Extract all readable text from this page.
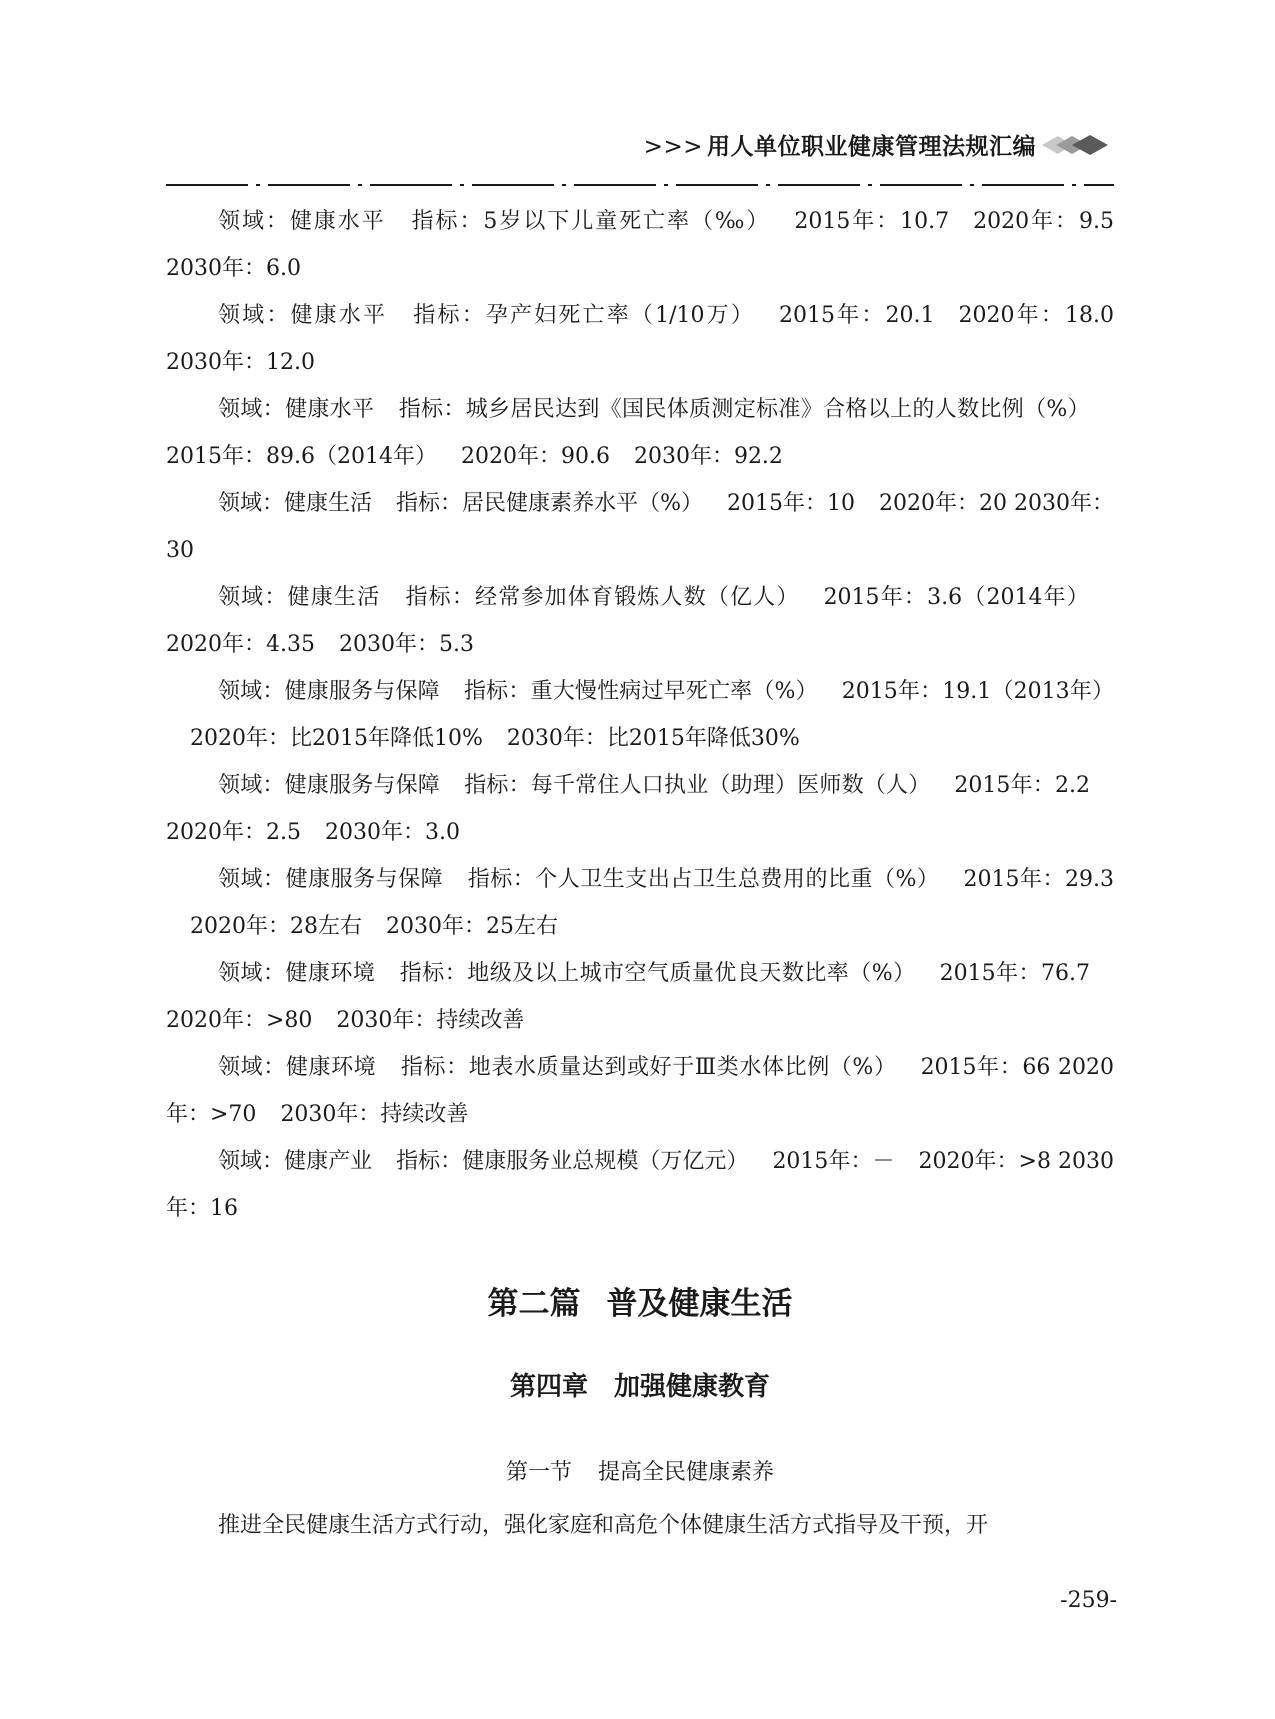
>>> 用人单位职业健康管理法规汇编

领域：健康水平 指标：5岁以下儿童死亡率（‰） 2015年：10.7 2020年：9.5 2030年：6.0

领域：健康水平 指标：孕产妇死亡率（1/10万） 2015年：20.1 2020年：18.0 2030年：12.0

领域：健康水平 指标：城乡居民达到《国民体质测定标准》合格以上的人数比例（%）2015年：89.6（2014年） 2020年：90.6 2030年：92.2

领域：健康生活 指标：居民健康素养水平（%） 2015年：10 2020年：20 2030年：30

领域：健康生活 指标：经常参加体育锻炼人数（亿人） 2015年：3.6（2014年）2020年：4.35 2030年：5.3

领域：健康服务与保障 指标：重大慢性病过早死亡率（%） 2015年：19.1（2013年）2020年：比2015年降低10% 2030年：比2015年降低30%

领域：健康服务与保障 指标：每千常住人口执业（助理）医师数（人） 2015年：2.22020年：2.5 2030年：3.0

领域：健康服务与保障 指标：个人卫生支出占卫生总费用的比重（%） 2015年：29.32020年：28左右 2030年：25左右

领域：健康环境 指标：地级及以上城市空气质量优良天数比率（%） 2015年：76.72020年：>80 2030年：持续改善

领域：健康环境 指标：地表水质量达到或好于Ⅲ类水体比例（%） 2015年：66 2020年：>70 2030年：持续改善

领域：健康产业 指标：健康服务业总规模（万亿元） 2015年：－ 2020年：>8 2030年：16

第二篇 普及健康生活
第四章 加强健康教育
第一节 提高全民健康素养
推进全民健康生活方式行动，强化家庭和高危个体健康生活方式指导及干预，开
-259-
